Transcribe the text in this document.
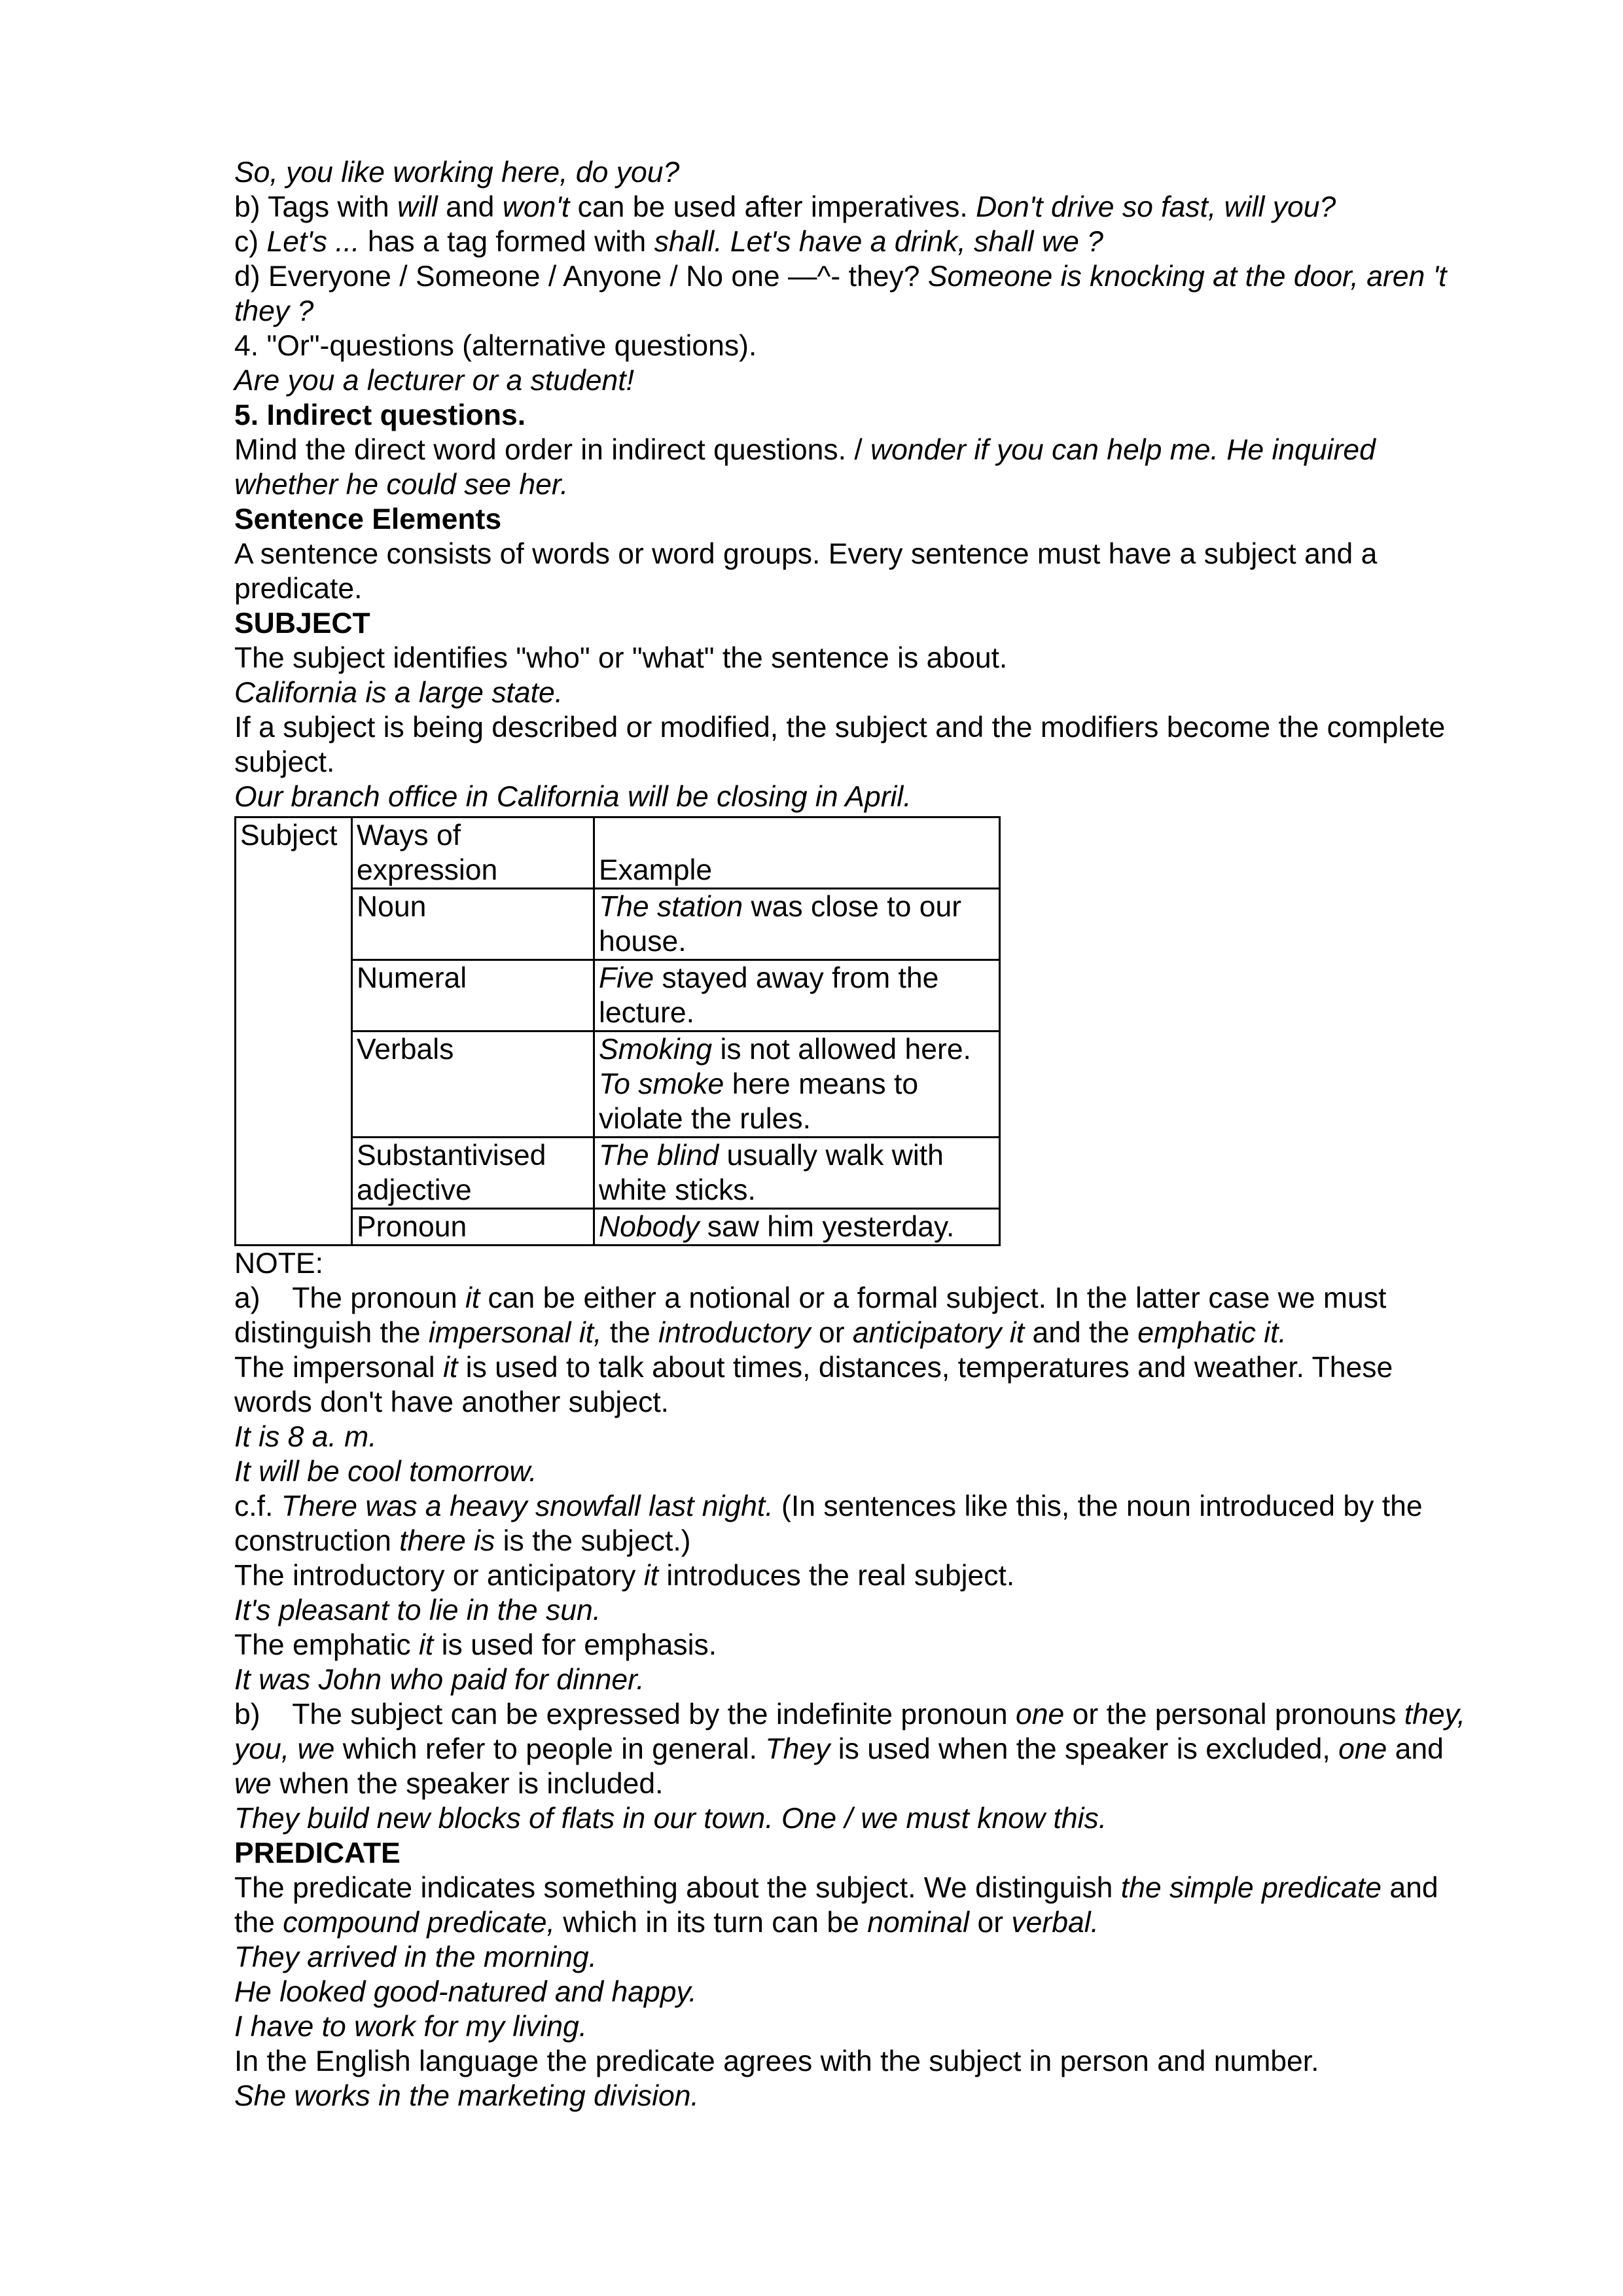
So, you like working here, do you?

b) Tags with will and won't can be used after imperatives. Don't drive so fast, will you?

c) Let's ... has a tag formed with shall. Let's have a drink, shall we ?

d) Everyone / Someone / Anyone / No one —^- they? Someone is knocking at the door, aren 't

they ?

4. "Or"-questions (alternative questions).

Are you a lecturer or a student!

5. Indirect questions.

Mind the direct word order in indirect questions. / wonder if you can help me. He inquired

whether he could see her.

Sentence Elements

A sentence consists of words or word groups. Every sentence must have a subject and a

predicate.

SUBJECT

The subject identifies "who" or "what" the sentence is about.

California is a large state.

If a subject is being described or modified, the subject and the modifiers become the complete

subject.

Our branch office in California will be closing in April.

Subject	Ways of
expression	Example
	Noun	The station was close to our
house.
	Numeral	Five stayed away from the
lecture.
	Verbals	Smoking is not allowed here.
To smoke here means to
violate the rules.
	Substantivised
adjective	The blind usually walk with
white sticks.
	Pronoun	Nobody saw him yesterday.

NOTE:

a)    The pronoun it can be either a notional or a formal subject. In the latter case we must

distinguish the impersonal it, the introductory or anticipatory it and the emphatic it.

The impersonal it is used to talk about times, distances, temperatures and weather. These

words don't have another subject.

It is 8 a. m.

It will be cool tomorrow.

c.f. There was a heavy snowfall last night. (In sentences like this, the noun introduced by the

construction there is is the subject.)

The introductory or anticipatory it introduces the real subject.

It's pleasant to lie in the sun.

The emphatic it is used for emphasis.

It was John who paid for dinner.

b)    The subject can be expressed by the indefinite pronoun one or the personal pronouns they,

you, we which refer to people in general. They is used when the speaker is excluded, one and

we when the speaker is included.

They build new blocks of flats in our town. One / we must know this.

PREDICATE

The predicate indicates something about the subject. We distinguish the simple predicate and

the compound predicate, which in its turn can be nominal or verbal.

They arrived in the morning.

He looked good-natured and happy.

I have to work for my living.

In the English language the predicate agrees with the subject in person and number.

She works in the marketing division.
